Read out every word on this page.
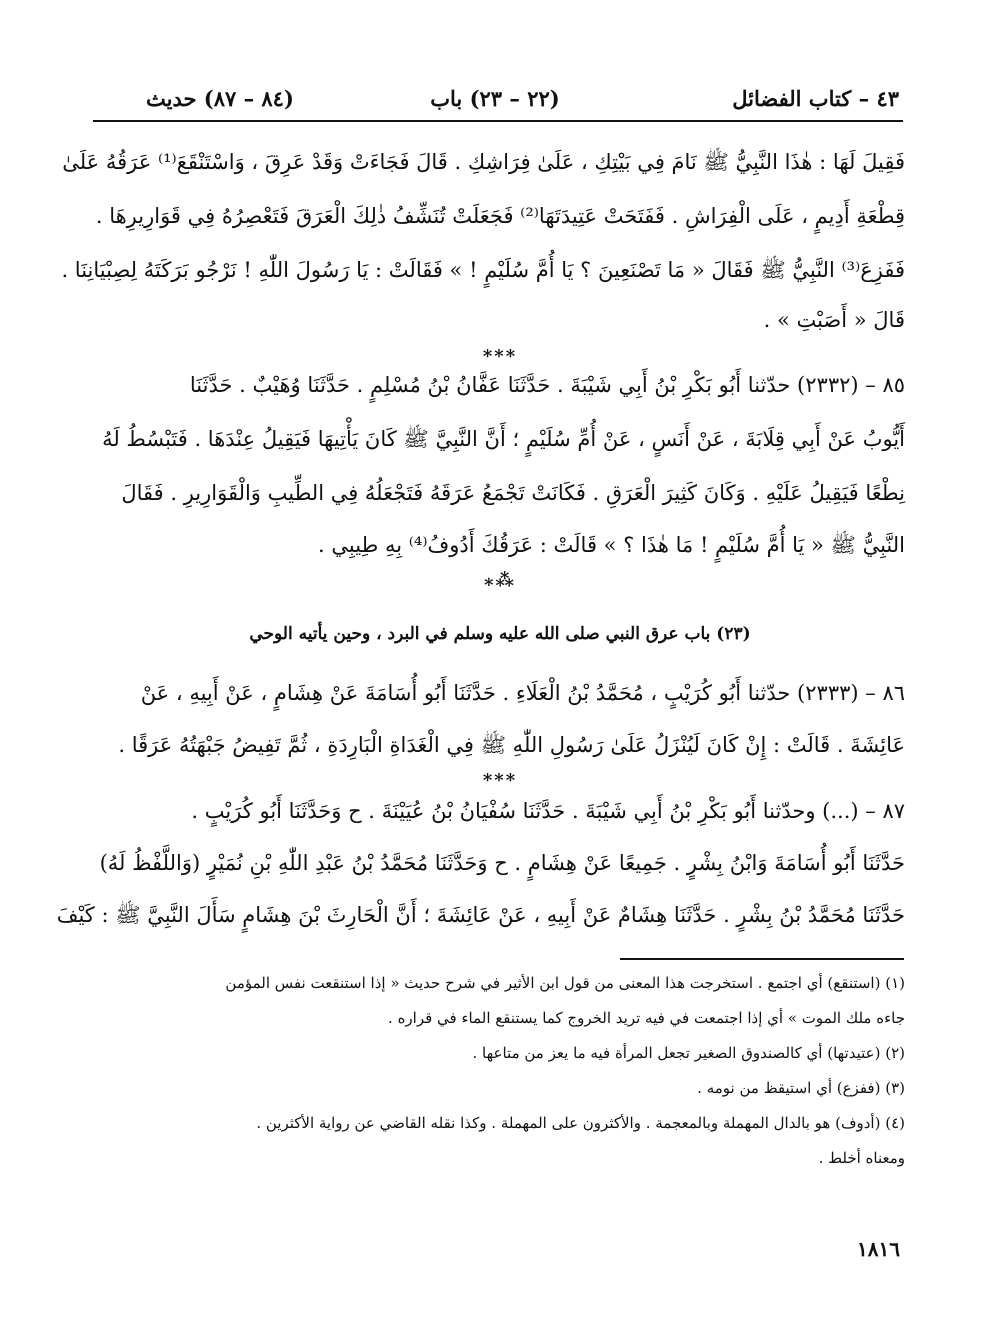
٤٣ – كتاب الفضائل
(٢٢ – ٢٣) باب
(٨٤ – ٨٧) حديث
فَقِيلَ لَهَا : هٰذَا النَّبِيُّ ﷺ نَامَ فِي بَيْتِكِ ، عَلَىٰ فِرَاشِكِ . قَالَ فَجَاءَتْ وَقَدْ عَرِقَ ، وَاسْتَنْقَعَ⁽¹⁾ عَرَقُهُ عَلَىٰ
قِطْعَةِ أَدِيمٍ ، عَلَى الْفِرَاشِ . فَفَتَحَتْ عَتِيدَتَهَا⁽²⁾ فَجَعَلَتْ تُنَشِّفُ ذٰلِكَ الْعَرَقَ فَتَعْصِرُهُ فِي قَوَارِيرِهَا .
فَفَزِعَ⁽³⁾ النَّبِيُّ ﷺ فَقَالَ « مَا تَصْنَعِينَ ؟ يَا أُمَّ سُلَيْمٍ ! » فَقَالَتْ : يَا رَسُولَ اللّٰهِ ! نَرْجُو بَرَكَتَهُ لِصِبْيَانِنَا .
قَالَ « أَصَبْتِ » .
***
٨٥ – (٢٣٣٢) حدّثنا أَبُو بَكْرِ بْنُ أَبِي شَيْبَةَ . حَدَّثَنَا عَفَّانُ بْنُ مُسْلِمٍ . حَدَّثَنَا وُهَيْبٌ . حَدَّثَنَا
أَيُّوبُ عَنْ أَبِي قِلَابَةَ ، عَنْ أَنَسٍ ، عَنْ أُمِّ سُلَيْمٍ ؛ أَنَّ النَّبِيَّ ﷺ كَانَ يَأْتِيهَا فَيَقِيلُ عِنْدَهَا . فَتَبْسُطُ لَهُ
نِطْعًا فَيَقِيلُ عَلَيْهِ . وَكَانَ كَثِيرَ الْعَرَقِ . فَكَانَتْ تَجْمَعُ عَرَقَهُ فَتَجْعَلُهُ فِي الطِّيبِ وَالْقَوَارِيرِ . فَقَالَ
النَّبِيُّ ﷺ « يَا أُمَّ سُلَيْمٍ ! مَا هٰذَا ؟ » قَالَتْ : عَرَقُكَ أَدُوفُ⁽⁴⁾ بِهِ طِيبِي .
⁎⁂
(٢٣) باب عرق النبي صلى الله عليه وسلم في البرد ، وحين يأتيه الوحي
٨٦ – (٢٣٣٣) حدّثنا أَبُو كُرَيْبٍ ، مُحَمَّدُ بْنُ الْعَلَاءِ . حَدَّثَنَا أَبُو أُسَامَةَ عَنْ هِشَامٍ ، عَنْ أَبِيهِ ، عَنْ
عَائِشَةَ . قَالَتْ : إِنْ كَانَ لَيُنْزَلُ عَلَىٰ رَسُولِ اللّٰهِ ﷺ فِي الْغَدَاةِ الْبَارِدَةِ ، ثُمَّ تَفِيضُ جَبْهَتُهُ عَرَقًا .
***
٨٧ – (...) وحدّثنا أَبُو بَكْرِ بْنُ أَبِي شَيْبَةَ . حَدَّثَنَا سُفْيَانُ بْنُ عُيَيْنَةَ . ح وَحَدَّثَنَا أَبُو كُرَيْبٍ .
حَدَّثَنَا أَبُو أُسَامَةَ وَابْنُ بِشْرٍ . جَمِيعًا عَنْ هِشَامٍ . ح وَحَدَّثَنَا مُحَمَّدُ بْنُ عَبْدِ اللّٰهِ بْنِ نُمَيْرٍ (وَاللَّفْظُ لَهُ)
حَدَّثَنَا مُحَمَّدُ بْنُ بِشْرٍ . حَدَّثَنَا هِشَامٌ عَنْ أَبِيهِ ، عَنْ عَائِشَةَ ؛ أَنَّ الْحَارِثَ بْنَ هِشَامٍ سَأَلَ النَّبِيَّ ﷺ : كَيْفَ
(١) (استنقع) أي اجتمع . استخرجت هذا المعنى من قول ابن الأثير في شرح حديث « إذا استنقعت نفس المؤمن
جاءه ملك الموت » أي إذا اجتمعت في فيه تريد الخروج كما يستنقع الماء في قراره .
(٢) (عتيدتها) أي كالصندوق الصغير تجعل المرأة فيه ما يعز من متاعها .
(٣) (ففزع) أي استيقظ من نومه .
(٤) (أدوف) هو بالدال المهملة وبالمعجمة . والأكثرون على المهملة . وكذا نقله القاضي عن رواية الأكثرين .
ومعناه أخلط .
١٨١٦
